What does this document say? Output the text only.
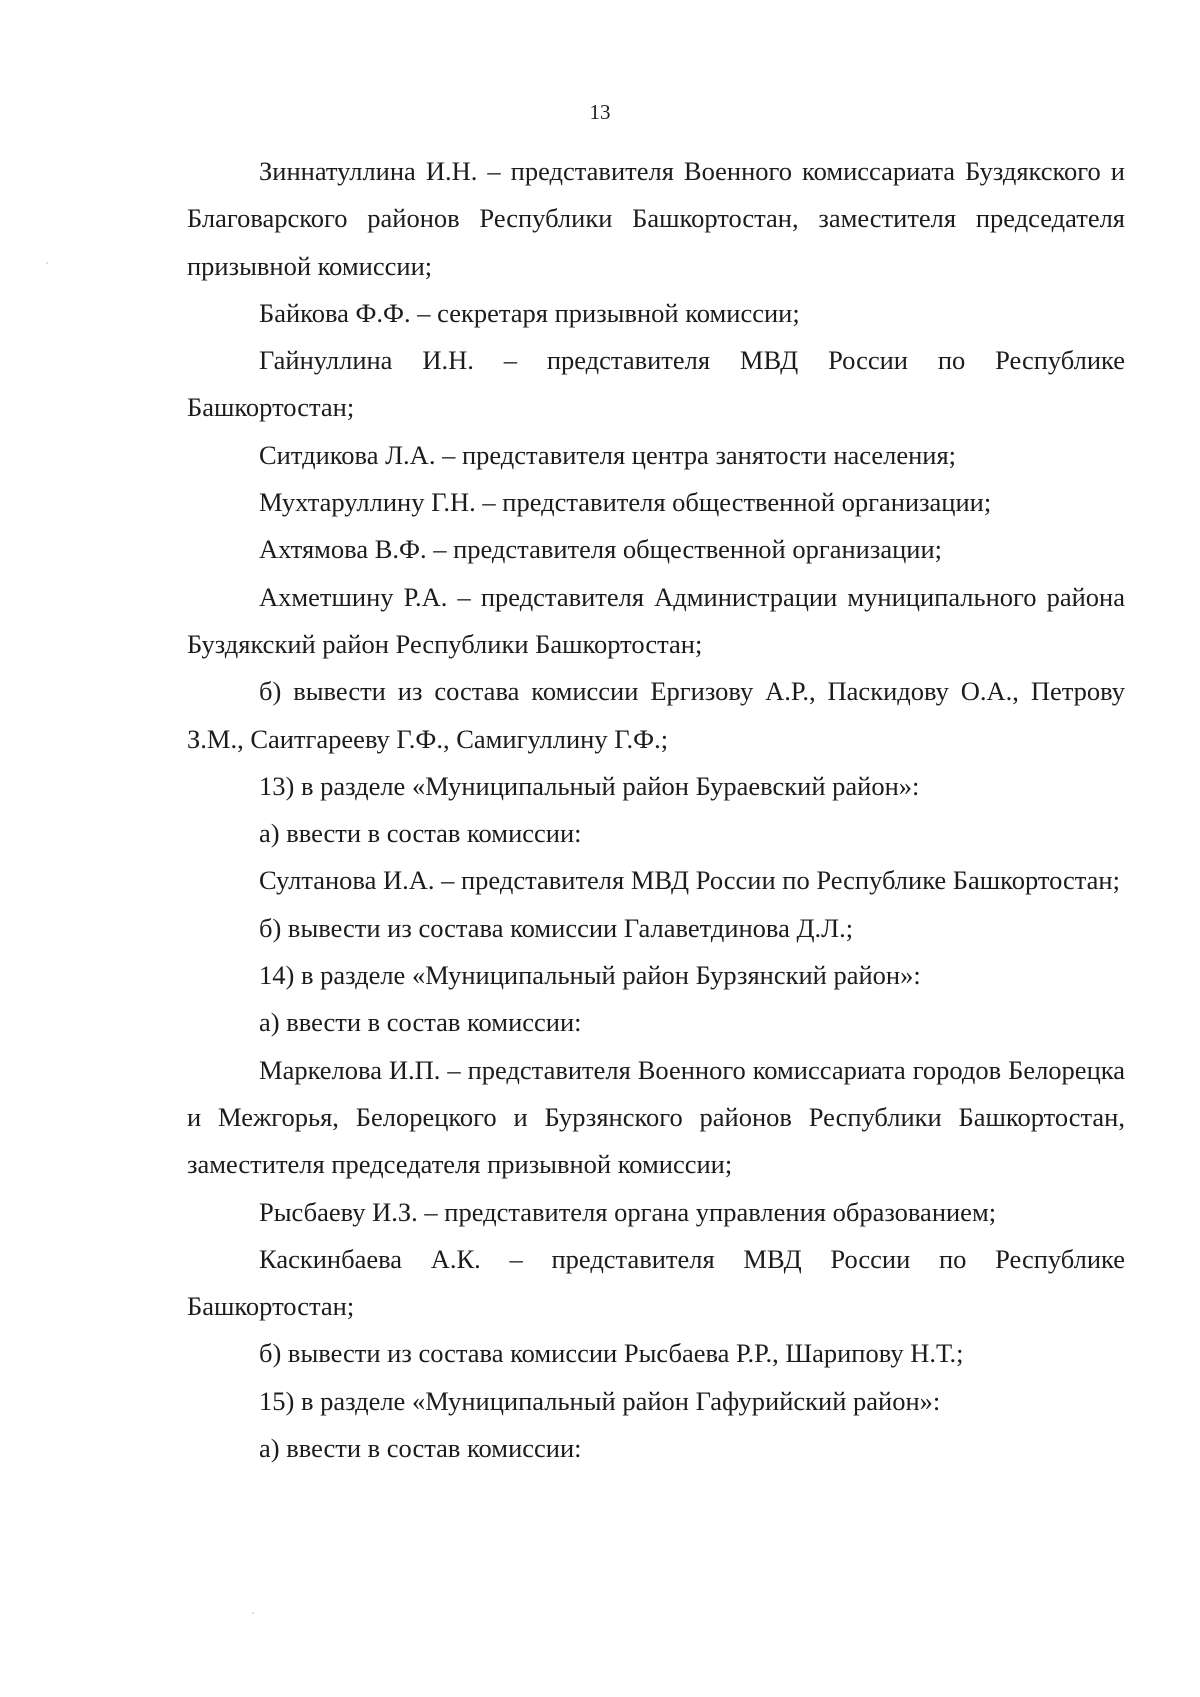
13

Зиннатуллина И.Н. – представителя Военного комиссариата Буздякского и Благоварского районов Республики Башкортостан, заместителя председателя призывной комиссии;

Байкова Ф.Ф. – секретаря призывной комиссии;

Гайнуллина И.Н. – представителя МВД России по Республике Башкортостан;

Ситдикова Л.А. – представителя центра занятости населения;

Мухтаруллину Г.Н. – представителя общественной организации;

Ахтямова В.Ф. – представителя общественной организации;

Ахметшину Р.А. – представителя Администрации муниципального района Буздякский район Республики Башкортостан;

б) вывести из состава комиссии Ергизову А.Р., Паскидову О.А., Петрову З.М., Саитгарееву Г.Ф., Самигуллину Г.Ф.;

13) в разделе «Муниципальный район Бураевский район»:

а) ввести в состав комиссии:

Султанова И.А. – представителя МВД России по Республике Башкортостан;

б) вывести из состава комиссии Галаветдинова Д.Л.;

14) в разделе «Муниципальный район Бурзянский район»:

а) ввести в состав комиссии:

Маркелова И.П. – представителя Военного комиссариата городов Белорецка и Межгорья, Белорецкого и Бурзянского районов Республики Башкортостан, заместителя председателя призывной комиссии;

Рысбаеву И.З. – представителя органа управления образованием;

Каскинбаева А.К. – представителя МВД России по Республике Башкортостан;

б) вывести из состава комиссии Рысбаева Р.Р., Шарипову Н.Т.;

15) в разделе «Муниципальный район Гафурийский район»:

а) ввести в состав комиссии:
